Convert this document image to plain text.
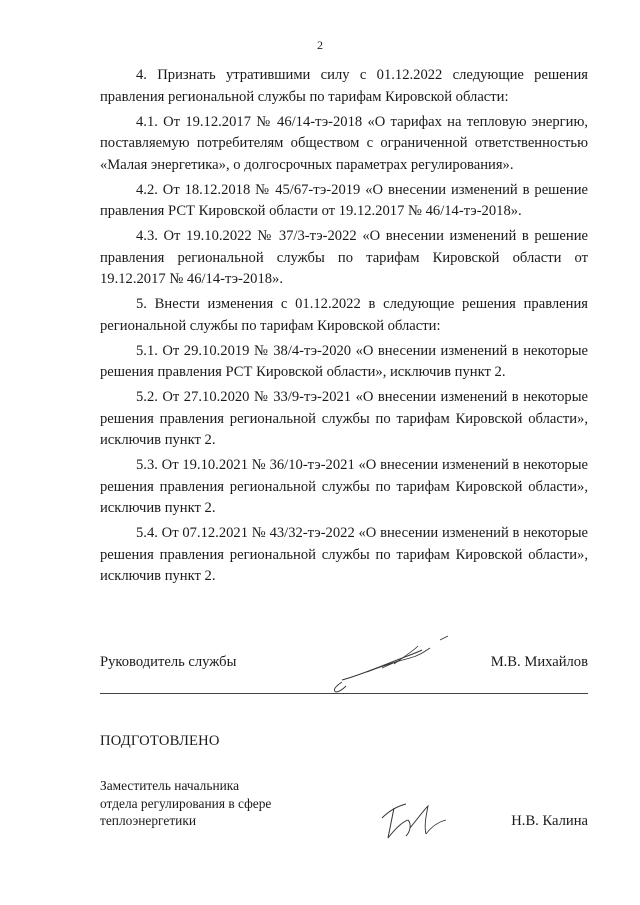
2

4. Признать утратившими силу с 01.12.2022 следующие решения правления региональной службы по тарифам Кировской области:

4.1. От 19.12.2017 № 46/14-тэ-2018 «О тарифах на тепловую энергию, поставляемую потребителям обществом с ограниченной ответственностью «Малая энергетика», о долгосрочных параметрах регулирования».

4.2. От 18.12.2018 № 45/67-тэ-2019 «О внесении изменений в решение правления РСТ Кировской области от 19.12.2017 № 46/14-тэ-2018».

4.3. От 19.10.2022 № 37/3-тэ-2022 «О внесении изменений в решение правления региональной службы по тарифам Кировской области от 19.12.2017 № 46/14-тэ-2018».

5. Внести изменения с 01.12.2022 в следующие решения правления региональной службы по тарифам Кировской области:

5.1. От 29.10.2019 № 38/4-тэ-2020 «О внесении изменений в некоторые решения правления РСТ Кировской области», исключив пункт 2.

5.2. От 27.10.2020 № 33/9-тэ-2021 «О внесении изменений в некоторые решения правления региональной службы по тарифам Кировской области», исключив пункт 2.

5.3. От 19.10.2021 № 36/10-тэ-2021 «О внесении изменений в некоторые решения правления региональной службы по тарифам Кировской области», исключив пункт 2.

5.4. От 07.12.2021 № 43/32-тэ-2022 «О внесении изменений в некоторые решения правления региональной службы по тарифам Кировской области», исключив пункт 2.

Руководитель службы	М.В. Михайлов
ПОДГОТОВЛЕНО
Заместитель начальника
отдела регулирования в сфере
теплоэнергетики	Н.В. Калина
